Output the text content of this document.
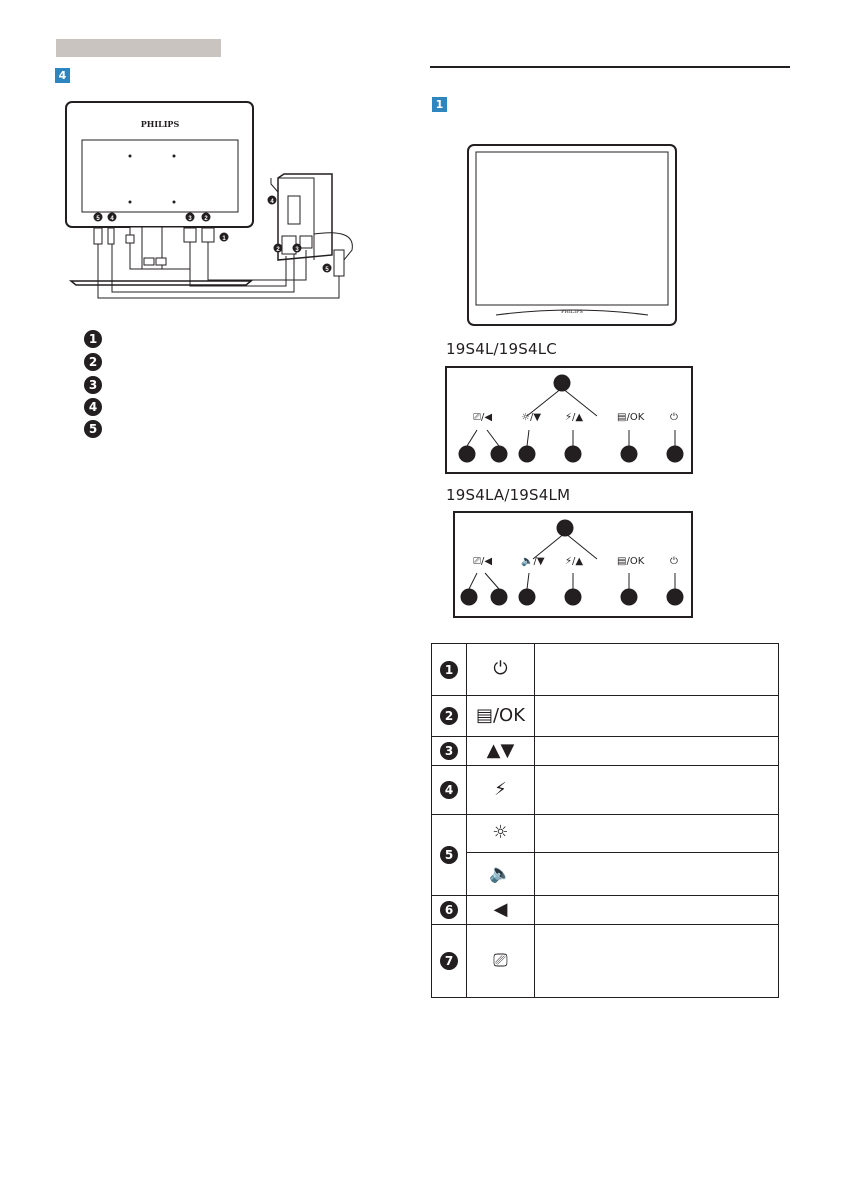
4
PHILIPS
5 4	3 2
1
4
2	3
5
1
2
3
4
5
1
PHILIPS
19S4L/19S4LC
⎚/◀	☼/▼ ⚡/▲	▤/OK	⏻
19S4LA/19S4LM
⎚/◀	🔈/▼ ⚡/▲	▤/OK	⏻
1	⏻	
2	▤/OK	
3	▲▼	
4	⚡	
5	☼	
	🔈	
6	◀	
7	⎚	
